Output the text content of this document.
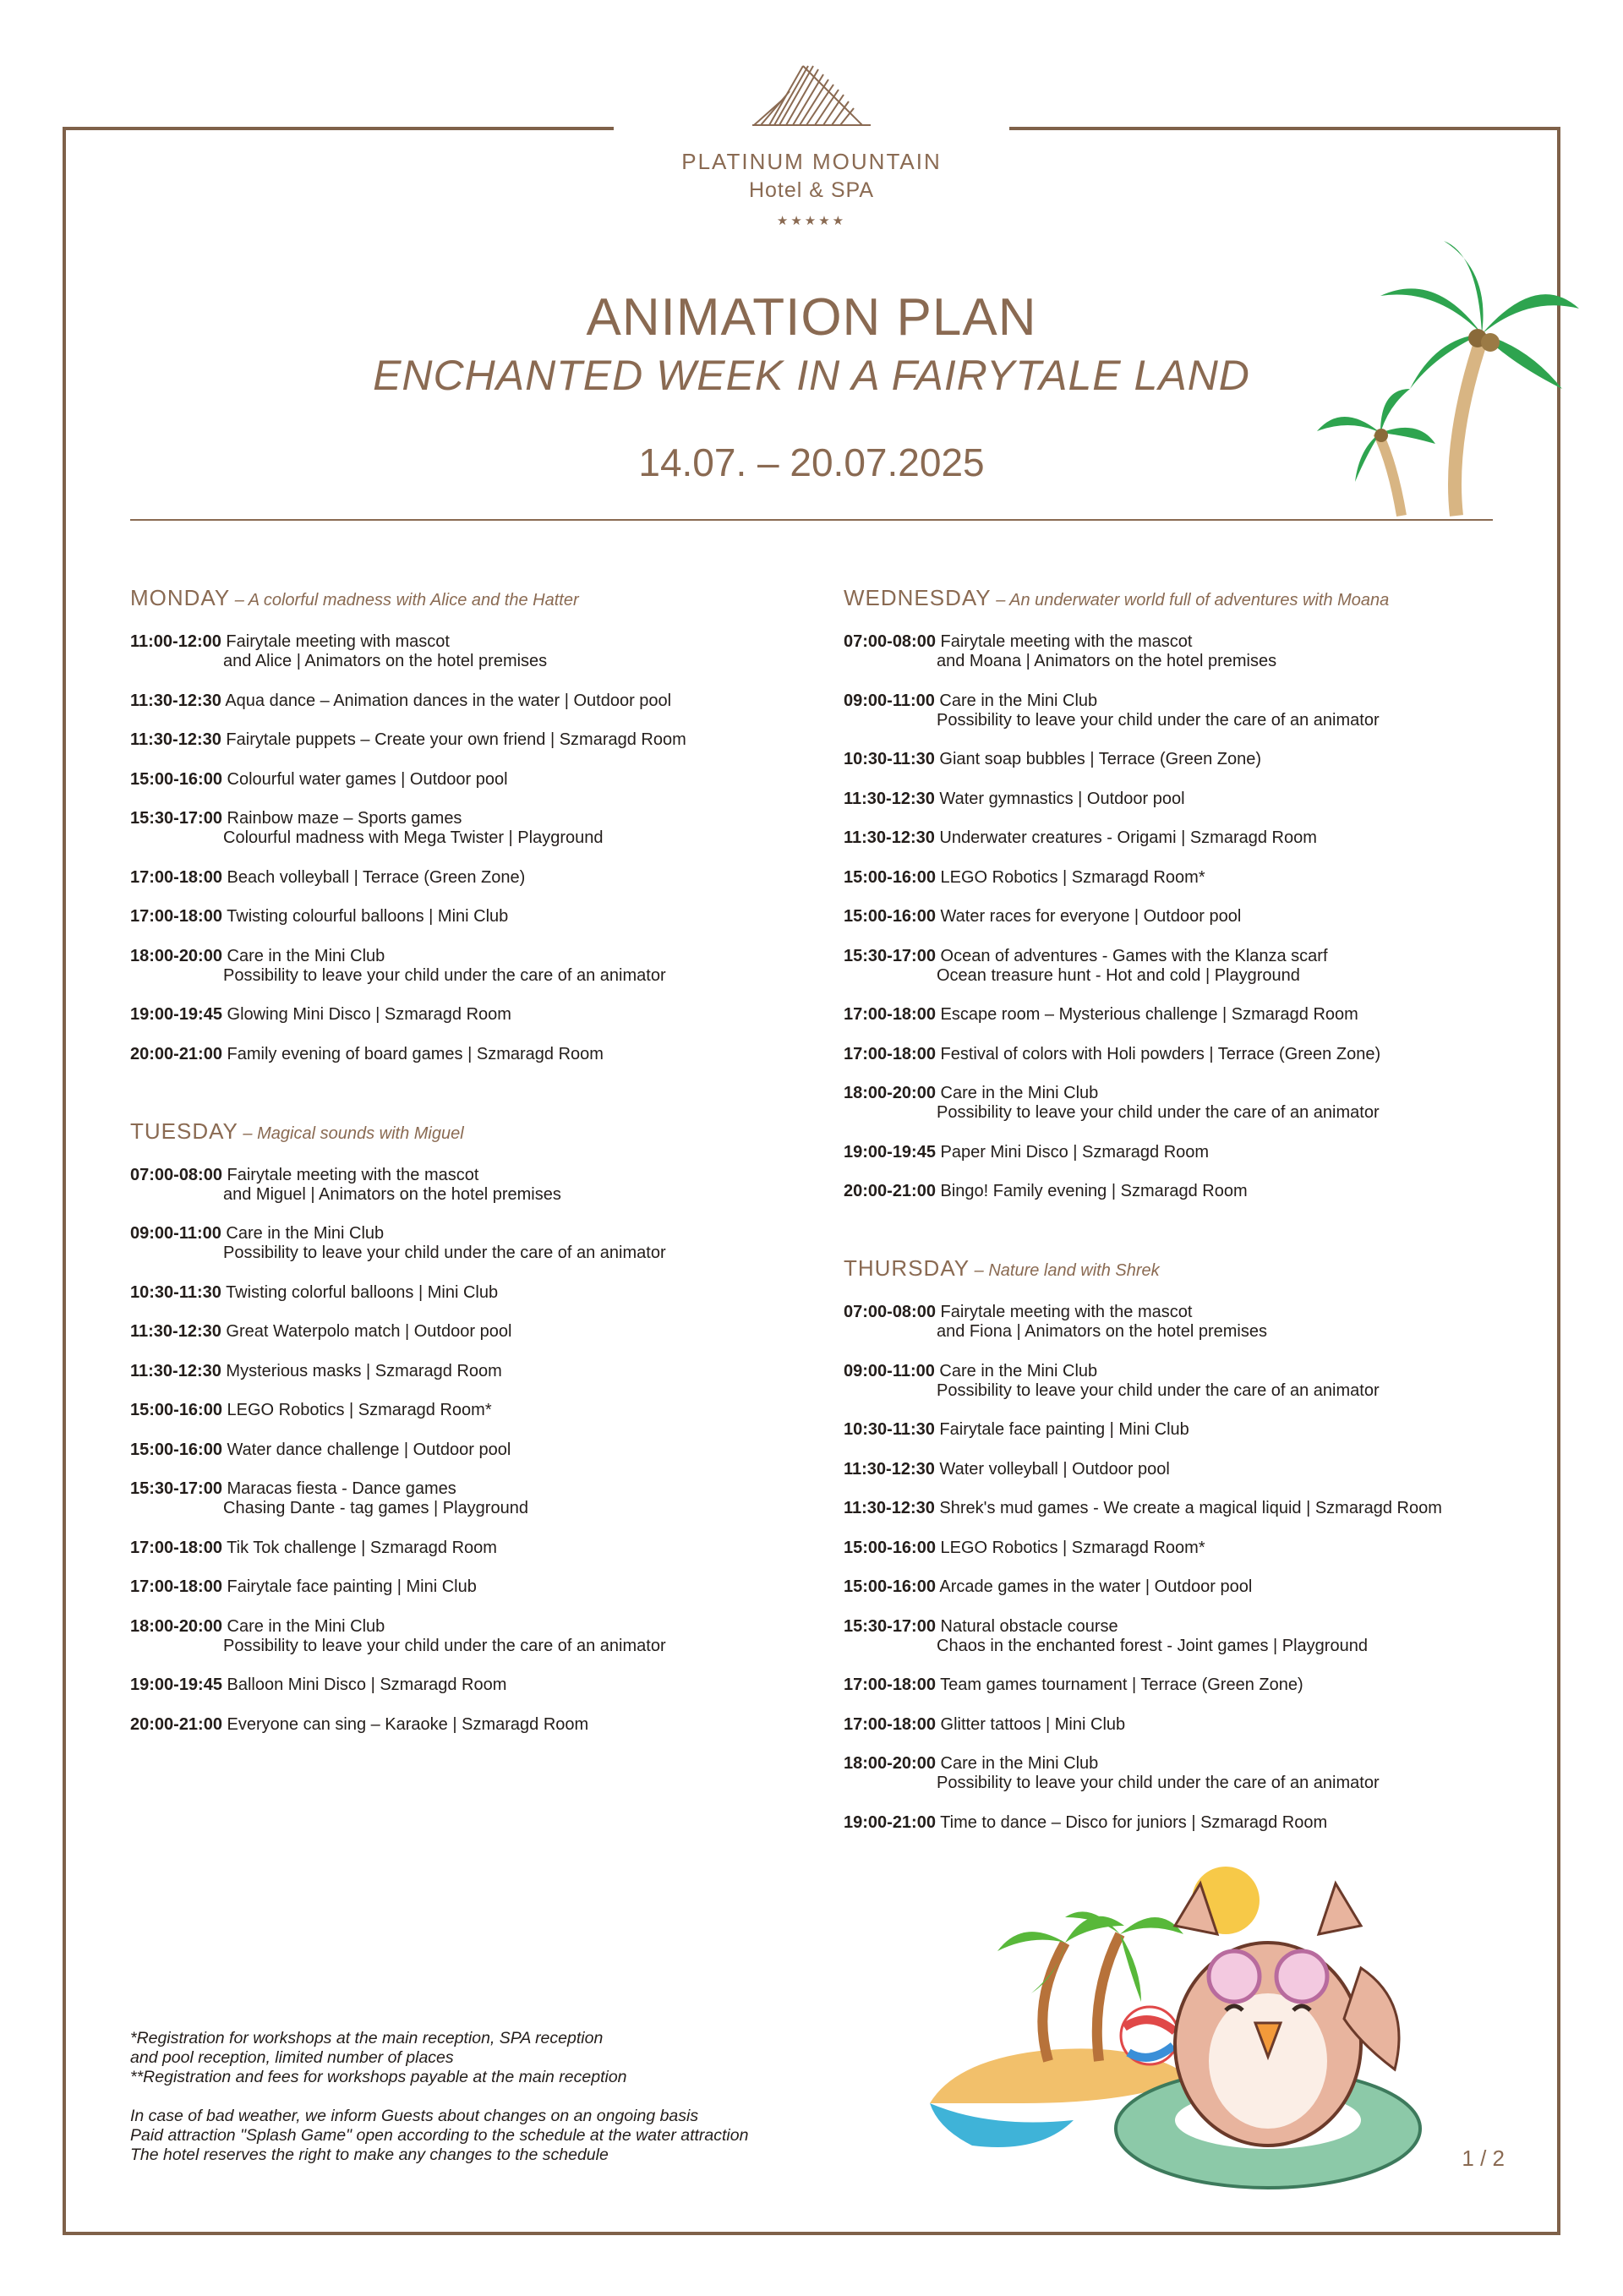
PLATINUM MOUNTAIN
Hotel & SPA
★★★★★
ANIMATION PLAN
ENCHANTED WEEK IN A FAIRYTALE LAND
14.07. – 20.07.2025
MONDAY – A colorful madness with Alice and the Hatter
11:00-12:00 Fairytale meeting with mascot
and Alice | Animators on the hotel premises
11:30-12:30 Aqua dance – Animation dances in the water | Outdoor pool
11:30-12:30 Fairytale puppets – Create your own friend | Szmaragd Room
15:00-16:00 Colourful water games | Outdoor pool
15:30-17:00 Rainbow maze – Sports games
Colourful madness with Mega Twister | Playground
17:00-18:00 Beach volleyball | Terrace (Green Zone)
17:00-18:00 Twisting colourful balloons | Mini Club
18:00-20:00 Care in the Mini Club
Possibility to leave your child under the care of an animator
19:00-19:45 Glowing Mini Disco | Szmaragd Room
20:00-21:00 Family evening of board games | Szmaragd Room
TUESDAY – Magical sounds with Miguel
07:00-08:00 Fairytale meeting with the mascot
and Miguel | Animators on the hotel premises
09:00-11:00 Care in the Mini Club
Possibility to leave your child under the care of an animator
10:30-11:30 Twisting colorful balloons | Mini Club
11:30-12:30 Great Waterpolo match | Outdoor pool
11:30-12:30 Mysterious masks | Szmaragd Room
15:00-16:00 LEGO Robotics | Szmaragd Room*
15:00-16:00 Water dance challenge | Outdoor pool
15:30-17:00 Maracas fiesta - Dance games
Chasing Dante - tag games | Playground
17:00-18:00 Tik Tok challenge | Szmaragd Room
17:00-18:00 Fairytale face painting | Mini Club
18:00-20:00 Care in the Mini Club
Possibility to leave your child under the care of an animator
19:00-19:45 Balloon Mini Disco | Szmaragd Room
20:00-21:00 Everyone can sing – Karaoke | Szmaragd Room
WEDNESDAY – An underwater world full of adventures with Moana
07:00-08:00 Fairytale meeting with the mascot
and Moana | Animators on the hotel premises
09:00-11:00 Care in the Mini Club
Possibility to leave your child under the care of an animator
10:30-11:30 Giant soap bubbles | Terrace (Green Zone)
11:30-12:30 Water gymnastics | Outdoor pool
11:30-12:30 Underwater creatures - Origami | Szmaragd Room
15:00-16:00 LEGO Robotics | Szmaragd Room*
15:00-16:00 Water races for everyone | Outdoor pool
15:30-17:00 Ocean of adventures - Games with the Klanza scarf
Ocean treasure hunt - Hot and cold | Playground
17:00-18:00 Escape room – Mysterious challenge | Szmaragd Room
17:00-18:00 Festival of colors with Holi powders | Terrace (Green Zone)
18:00-20:00 Care in the Mini Club
Possibility to leave your child under the care of an animator
19:00-19:45 Paper Mini Disco | Szmaragd Room
20:00-21:00 Bingo! Family evening | Szmaragd Room
THURSDAY – Nature land with Shrek
07:00-08:00 Fairytale meeting with the mascot
and Fiona | Animators on the hotel premises
09:00-11:00 Care in the Mini Club
Possibility to leave your child under the care of an animator
10:30-11:30 Fairytale face painting | Mini Club
11:30-12:30 Water volleyball | Outdoor pool
11:30-12:30 Shrek's mud games - We create a magical liquid | Szmaragd Room
15:00-16:00 LEGO Robotics | Szmaragd Room*
15:00-16:00 Arcade games in the water | Outdoor pool
15:30-17:00 Natural obstacle course
Chaos in the enchanted forest - Joint games | Playground
17:00-18:00 Team games tournament | Terrace (Green Zone)
17:00-18:00 Glitter tattoos | Mini Club
18:00-20:00 Care in the Mini Club
Possibility to leave your child under the care of an animator
19:00-21:00 Time to dance – Disco for juniors | Szmaragd Room
*Registration for workshops at the main reception, SPA reception
and pool reception, limited number of places
**Registration and fees for workshops payable at the main reception
In case of bad weather, we inform Guests about changes on an ongoing basis
Paid attraction "Splash Game" open according to the schedule at the water attraction
The hotel reserves the right to make any changes to the schedule	1 / 2
